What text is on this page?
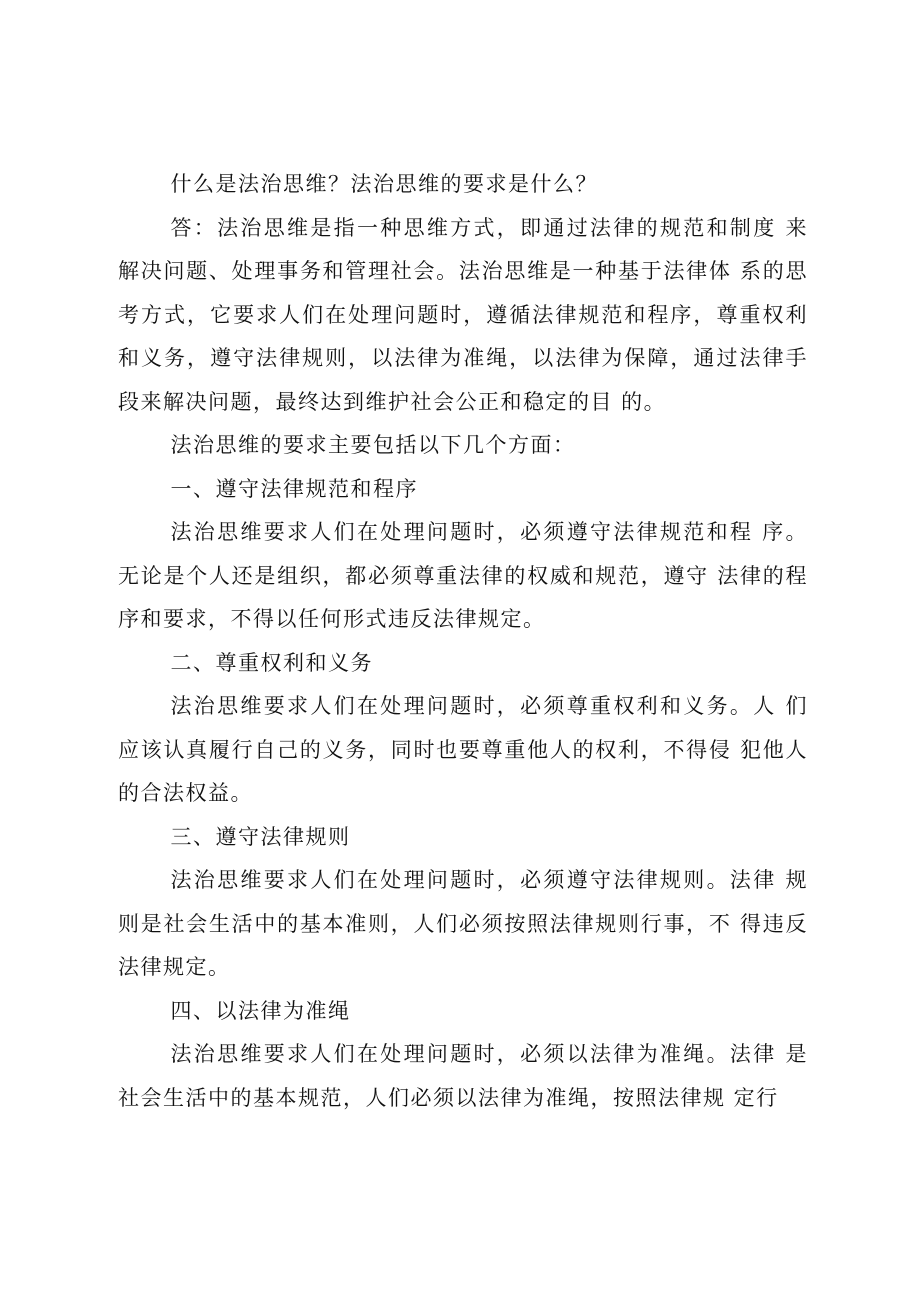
什么是法治思维？法治思维的要求是什么？

答：法治思维是指一种思维方式，即通过法律的规范和制度 来解决问题、处理事务和管理社会。法治思维是一种基于法律体 系的思考方式，它要求人们在处理问题时，遵循法律规范和程序，尊重权利和义务，遵守法律规则，以法律为准绳，以法律为保障，通过法律手段来解决问题，最终达到维护社会公正和稳定的目 的。

法治思维的要求主要包括以下几个方面：

一、遵守法律规范和程序

法治思维要求人们在处理问题时，必须遵守法律规范和程 序。无论是个人还是组织，都必须尊重法律的权威和规范，遵守 法律的程序和要求，不得以任何形式违反法律规定。

二、尊重权利和义务

法治思维要求人们在处理问题时，必须尊重权利和义务。人 们应该认真履行自己的义务，同时也要尊重他人的权利，不得侵 犯他人的合法权益。

三、遵守法律规则

法治思维要求人们在处理问题时，必须遵守法律规则。法律 规则是社会生活中的基本准则，人们必须按照法律规则行事，不 得违反法律规定。

四、以法律为准绳

法治思维要求人们在处理问题时，必须以法律为准绳。法律 是社会生活中的基本规范，人们必须以法律为准绳，按照法律规 定行
